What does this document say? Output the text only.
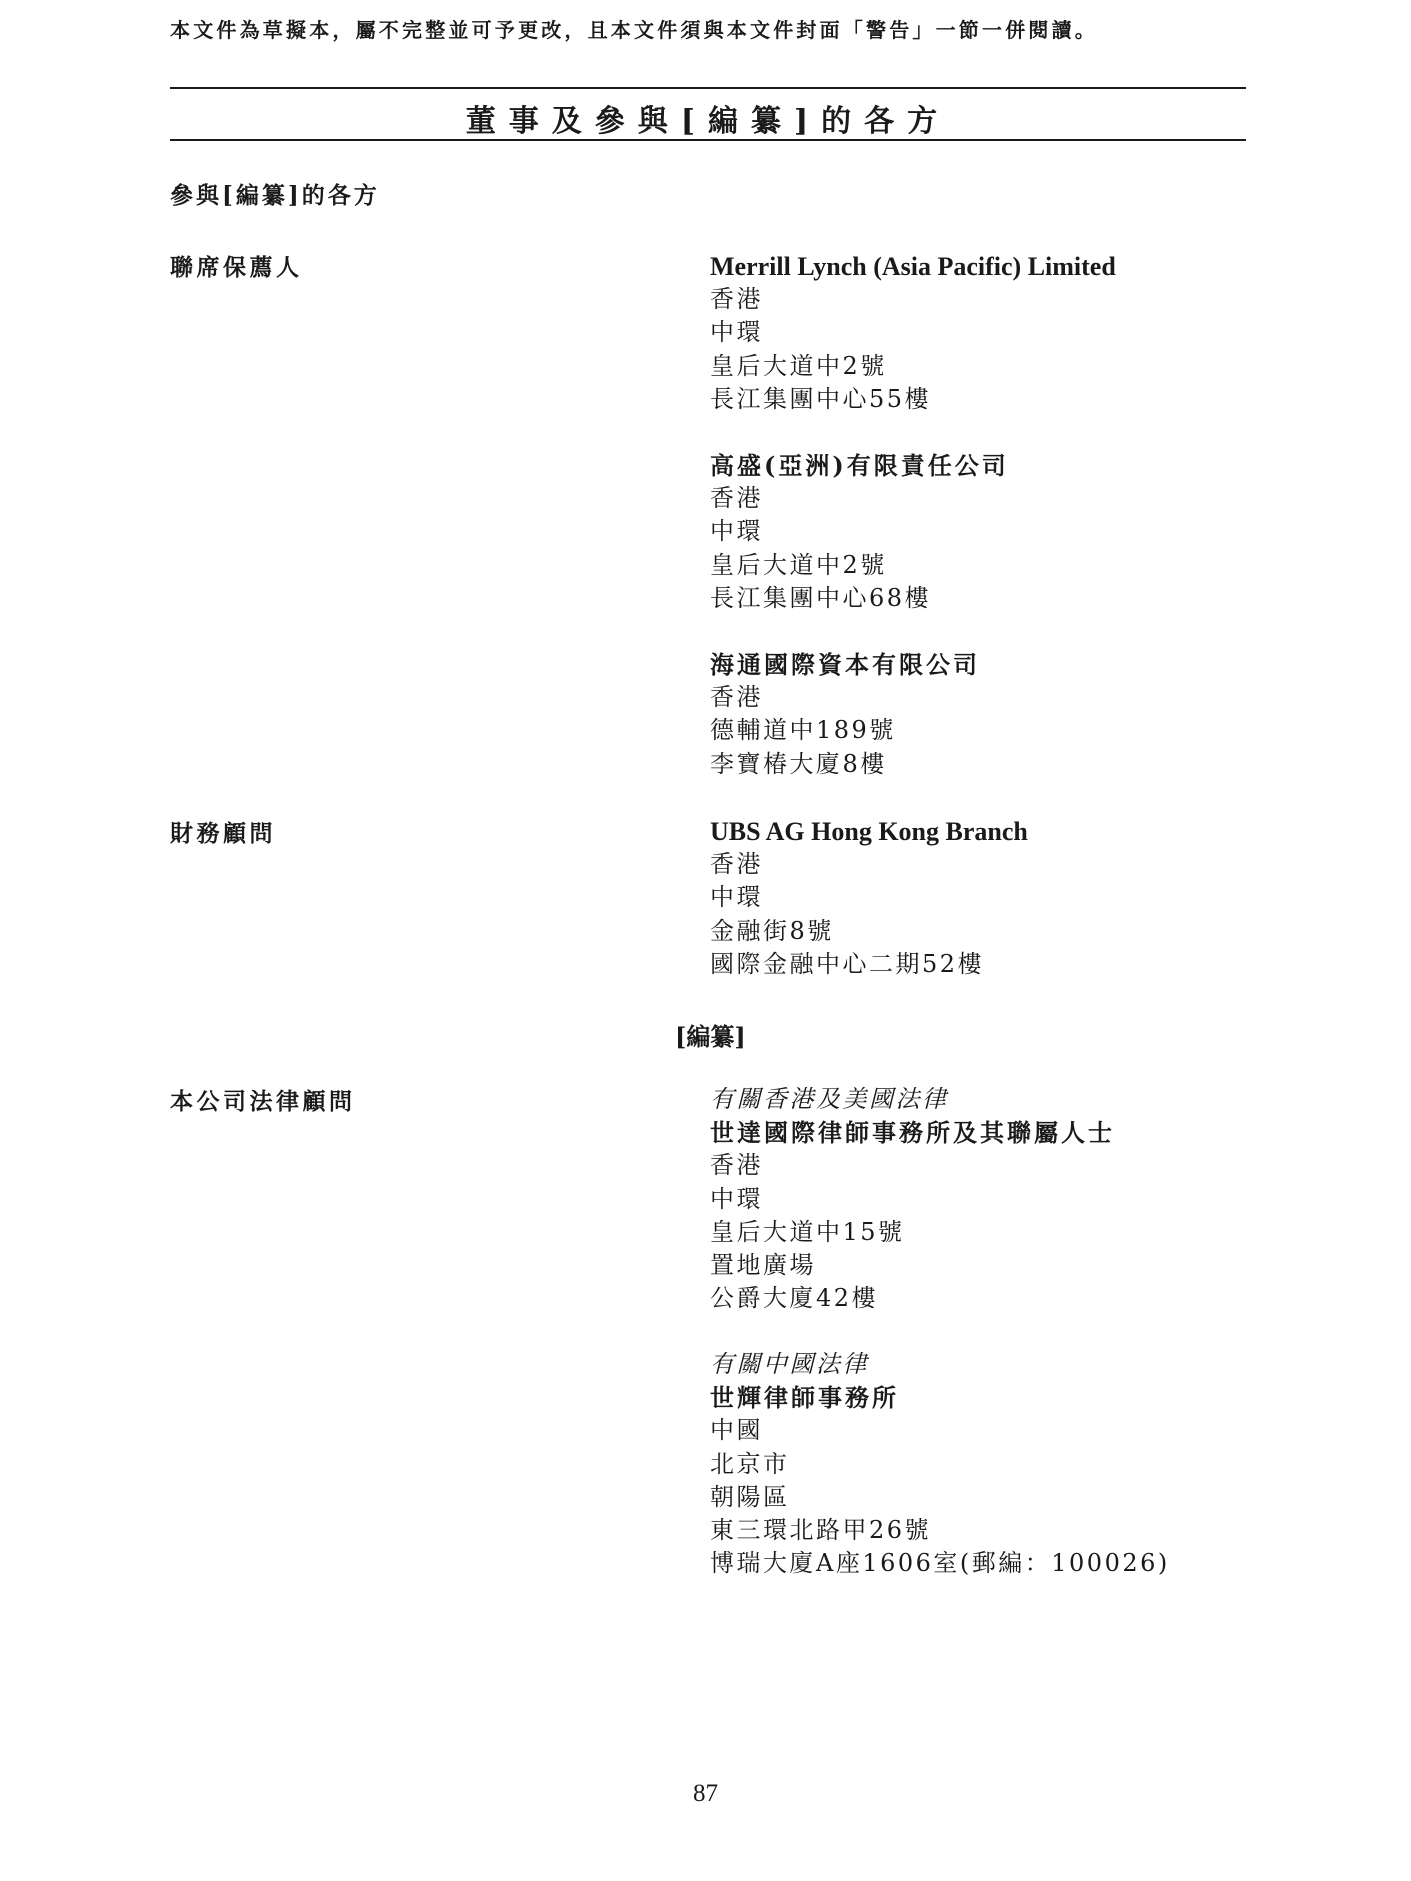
本文件為草擬本，屬不完整並可予更改，且本文件須與本文件封面「警告」一節一併閱讀。
董事及參與[編纂]的各方
參與[編纂]的各方
聯席保薦人	Merrill Lynch (Asia Pacific) Limited
香港
中環
皇后大道中2號
長江集團中心55樓
高盛(亞洲)有限責任公司
香港
中環
皇后大道中2號
長江集團中心68樓
海通國際資本有限公司
香港
德輔道中189號
李寶椿大廈8樓
財務顧問	UBS AG Hong Kong Branch
香港
中環
金融街8號
國際金融中心二期52樓
[編纂]
本公司法律顧問	有關香港及美國法律
世達國際律師事務所及其聯屬人士
香港
中環
皇后大道中15號
置地廣場
公爵大廈42樓
有關中國法律
世輝律師事務所
中國
北京市
朝陽區
東三環北路甲26號
博瑞大廈A座1606室(郵編：100026)
87
